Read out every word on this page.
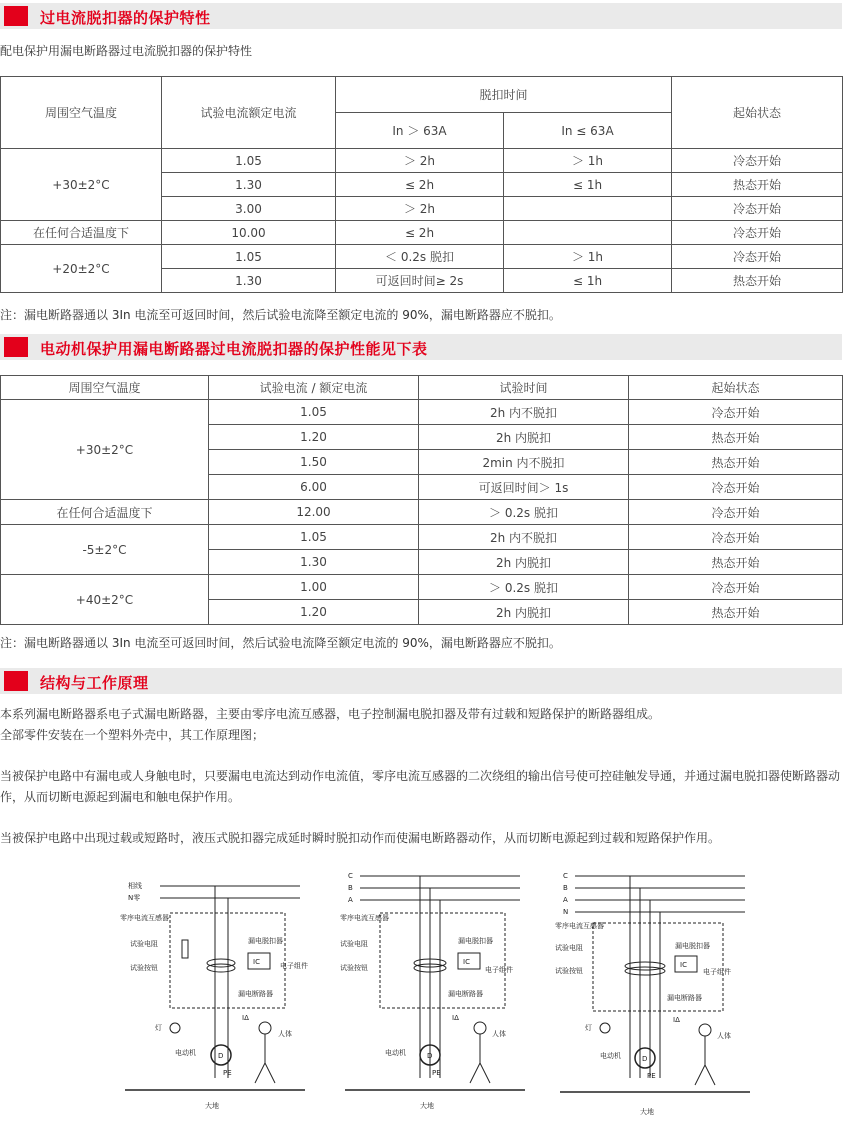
过电流脱扣器的保护特性
配电保护用漏电断路器过电流脱扣器的保护特性
周围空气温度	试验电流额定电流	脱扣时间		起始状态
		In ＞ 63A	In ≤ 63A	
+30±2°C	1.05	＞ 2h	＞ 1h	冷态开始
	1.30	≤ 2h	≤ 1h	热态开始
	3.00	＞ 2h		冷态开始
在任何合适温度下	10.00	≤ 2h		冷态开始
+20±2°C	1.05	＜ 0.2s 脱扣	＞ 1h	冷态开始
	1.30	可返回时间≥ 2s	≤ 1h	热态开始
注：漏电断路器通以 3In 电流至可返回时间，然后试验电流降至额定电流的 90%，漏电断路器应不脱扣。
电动机保护用漏电断路器过电流脱扣器的保护性能见下表
周围空气温度	试验电流 / 额定电流	试验时间	起始状态
+30±2°C	1.05	2h 内不脱扣	冷态开始
	1.20	2h 内脱扣	热态开始
	1.50	2min 内不脱扣	热态开始
	6.00	可返回时间＞ 1s	冷态开始
在任何合适温度下	12.00	＞ 0.2s 脱扣	冷态开始
-5±2°C	1.05	2h 内不脱扣	冷态开始
	1.30	2h 内脱扣	热态开始
+40±2°C	1.00	＞ 0.2s 脱扣	冷态开始
	1.20	2h 内脱扣	热态开始
注：漏电断路器通以 3In 电流至可返回时间，然后试验电流降至额定电流的 90%，漏电断路器应不脱扣。
结构与工作原理
本系列漏电断路器系电子式漏电断路器，主要由零序电流互感器，电子控制漏电脱扣器及带有过载和短路保护的断路器组成。
全部零件安装在一个塑料外壳中，其工作原理图；
当被保护电路中有漏电或人身触电时，只要漏电电流达到动作电流值，零序电流互感器的二次绕组的输出信号使可控硅触发导通，并通过漏电脱扣器使断路器动作，从而切断电源起到漏电和触电保护作用。
当被保护电路中出现过载或短路时，液压式脱扣器完成延时瞬时脱扣动作而使漏电断路器动作，从而切断电源起到过载和短路保护作用。
相线
N零
零序电流互感器
试验电阻
试验按钮
漏电脱扣器
IC	电子组件
漏电断路器
灯
IΔ
人体
D
电动机
PE
大地
C
B
A
零序电流互感器
试验电阻
试验按钮
漏电脱扣器
IC
电子组件
漏电断路器
IΔ
人体
D
电动机
PE
大地
C
B
A
N
零序电流互感器
试验电阻
试验按钮
漏电脱扣器
IC
电子组件
漏电断路器
灯
IΔ
人体
D
电动机
PE
大地
